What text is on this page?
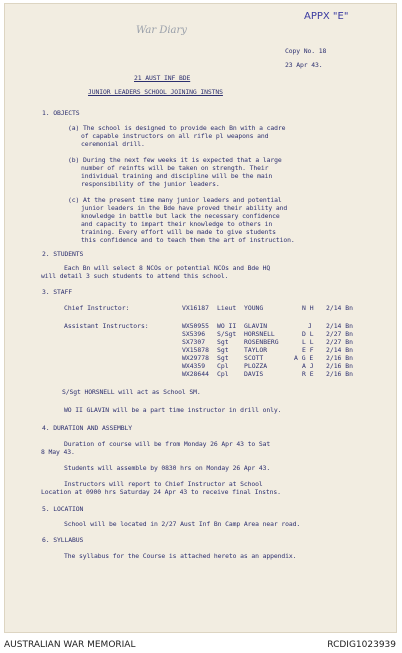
War Diary
APPX "E"
Copy No. 18
23 Apr 43.
21 AUST INF BDE
JUNIOR LEADERS SCHOOL JOINING INSTNS
1. OBJECTS
(a) The school is designed to provide each Bn with a cadre
of capable instructors on all rifle pl weapons and
ceremonial drill.
(b) During the next few weeks it is expected that a large
number of reinfts will be taken on strength. Their
individual training and discipline will be the main
responsibility of the junior leaders.
(c) At the present time many junior leaders and potential
junior leaders in the Bde have proved their ability and
knowledge in battle but lack the necessary confidence
and capacity to impart their knowledge to others in
training. Every effort will be made to give students
this confidence and to teach them the art of instruction.
2. STUDENTS
Each Bn will select 8 NCOs or potential NCOs and Bde HQ
will detail 3 such students to attend this school.
3. STAFF
Chief Instructor:	VX16187 Lieut YOUNG	N H 2/14 Bn
Assistant Instructors:	WX50955 WO II GLAVIN	J 2/14 Bn
SX5396 S/Sgt HORSNELL	D L 2/27 Bn
SX7307 Sgt ROSENBERG	L L 2/27 Bn
VX15878 Sgt TAYLOR	E F 2/14 Bn
WX29778 Sgt SCOTT	A G E 2/16 Bn
WX4359 Cpl PLOZZA	A J 2/16 Bn
WX28644 Cpl DAVIS	R E 2/16 Bn
S/Sgt HORSNELL will act as School SM.
WO II GLAVIN will be a part time instructor in drill only.
4. DURATION AND ASSEMBLY
Duration of course will be from Monday 26 Apr 43 to Sat
8 May 43.
Students will assemble by 0830 hrs on Monday 26 Apr 43.
Instructors will report to Chief Instructor at School
Location at 0900 hrs Saturday 24 Apr 43 to receive final Instns.
5. LOCATION
School will be located in 2/27 Aust Inf Bn Camp Area near road.
6. SYLLABUS
The syllabus for the Course is attached hereto as an appendix.
AUSTRALIAN WAR MEMORIAL	RCDIG1023939
